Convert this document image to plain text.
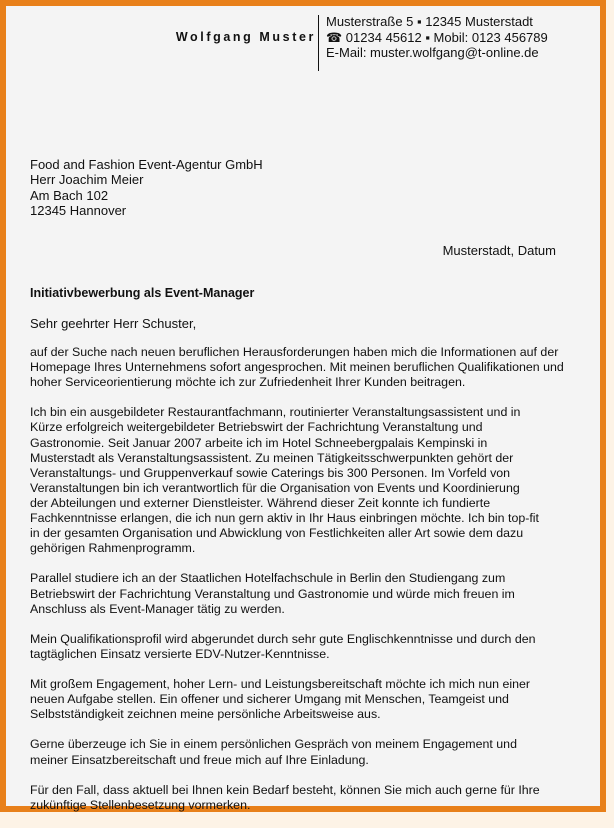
Wolfgang Muster
Musterstraße 5 ▪ 12345 Musterstadt
☎ 01234 45612 ▪ Mobil: 0123 456789
E-Mail: muster.wolfgang@t-online.de
Food and Fashion Event-Agentur GmbH
Herr Joachim Meier
Am Bach 102
12345 Hannover
Musterstadt, Datum
Initiativbewerbung als Event-Manager
Sehr geehrter Herr Schuster,
auf der Suche nach neuen beruflichen Herausforderungen haben mich die Informationen auf der
Homepage Ihres Unternehmens sofort angesprochen. Mit meinen beruflichen Qualifikationen und
hoher Serviceorientierung möchte ich zur Zufriedenheit Ihrer Kunden beitragen.
Ich bin ein ausgebildeter Restaurantfachmann, routinierter Veranstaltungsassistent und in
Kürze erfolgreich weitergebildeter Betriebswirt der Fachrichtung Veranstaltung und
Gastronomie. Seit Januar 2007 arbeite ich im Hotel Schneebergpalais Kempinski in
Musterstadt als Veranstaltungsassistent. Zu meinen Tätigkeitsschwerpunkten gehört der
Veranstaltungs- und Gruppenverkauf sowie Caterings bis 300 Personen. Im Vorfeld von
Veranstaltungen bin ich verantwortlich für die Organisation von Events und Koordinierung
der Abteilungen und externer Dienstleister. Während dieser Zeit konnte ich fundierte
Fachkenntnisse erlangen, die ich nun gern aktiv in Ihr Haus einbringen möchte. Ich bin top-fit
in der gesamten Organisation und Abwicklung von Festlichkeiten aller Art sowie dem dazu
gehörigen Rahmenprogramm.
Parallel studiere ich an der Staatlichen Hotelfachschule in Berlin den Studiengang zum
Betriebswirt der Fachrichtung Veranstaltung und Gastronomie und würde mich freuen im
Anschluss als Event-Manager tätig zu werden.
Mein Qualifikationsprofil wird abgerundet durch sehr gute Englischkenntnisse und durch den
tagtäglichen Einsatz versierte EDV-Nutzer-Kenntnisse.
Mit großem Engagement, hoher Lern- und Leistungsbereitschaft möchte ich mich nun einer
neuen Aufgabe stellen. Ein offener und sicherer Umgang mit Menschen, Teamgeist und
Selbstständigkeit zeichnen meine persönliche Arbeitsweise aus.
Gerne überzeuge ich Sie in einem persönlichen Gespräch von meinem Engagement und
meiner Einsatzbereitschaft und freue mich auf Ihre Einladung.
Für den Fall, dass aktuell bei Ihnen kein Bedarf besteht, können Sie mich auch gerne für Ihre
zukünftige Stellenbesetzung vormerken.
